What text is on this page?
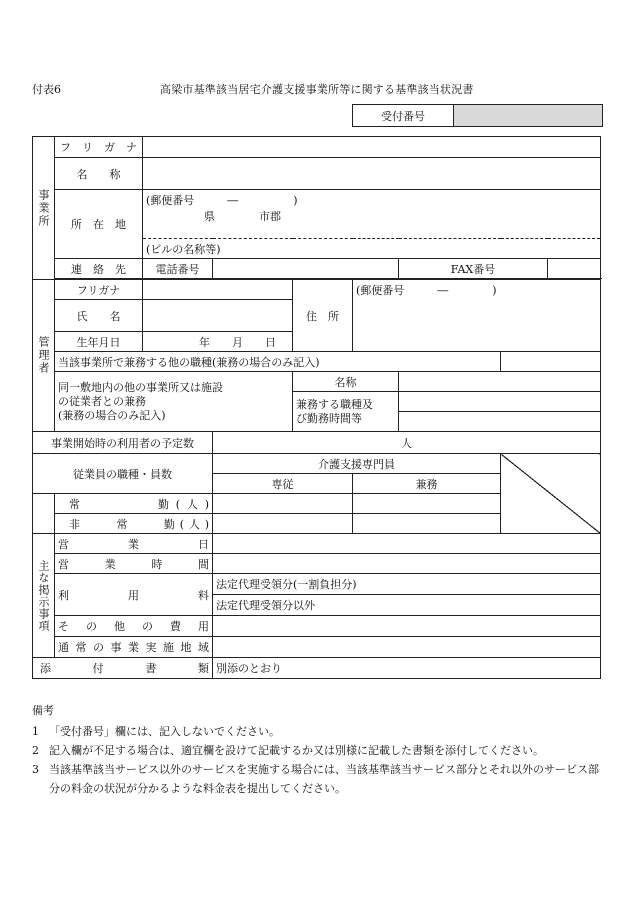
付表6	高梁市基準該当居宅介護支援事業所等に関する基準該当状況書
受付番号	
事業所	フ　リ　ガ　ナ							
	名　　称							
	所　在　地	(郵便番号　　　―　　　　　)
県　　　　市郡						

		(ビルの名称等)						
	連　絡　先	電話番号				FAX番号		

管理者	フリガナ			住　所	(郵便番号　　　―　　　　)			
	氏　　名							
	生年月日	年　　月　　日						
	当該事業所で兼務する他の職種(兼務の場合のみ記入)							

	同一敷地内の他の事業所又は施設
の従業者との兼務
(兼務の場合のみ記入)			名称				

				兼務する職種及
び勤務時間等				

事業開始時の利用者の予定数			人					
従業員の職種・員数			介護支援専門員					
			専従		兼務			

	常　　　　勤(人)							

	非　　常　　勤(人)							

主な掲示事項	営　　　業　　　日							

	営　　業　　時　　間							

	利　　　用　　　料		法定代理受領分(一割負担分)					
			法定代理受領分以外					

	そ　の　他　の　費　用							

	通常の事業実施地域							

添　　付　　書　　類			別添のとおり					
備考
1 「受付番号」欄には、記入しないでください。
2 記入欄が不足する場合は、適宜欄を設けて記載するか又は別様に記載した書類を添付してください。
3 当該基準該当サービス以外のサービスを実施する場合には、当該基準該当サービス部分とそれ以外のサービス部分の料金の状況が分かるような料金表を提出してください。
